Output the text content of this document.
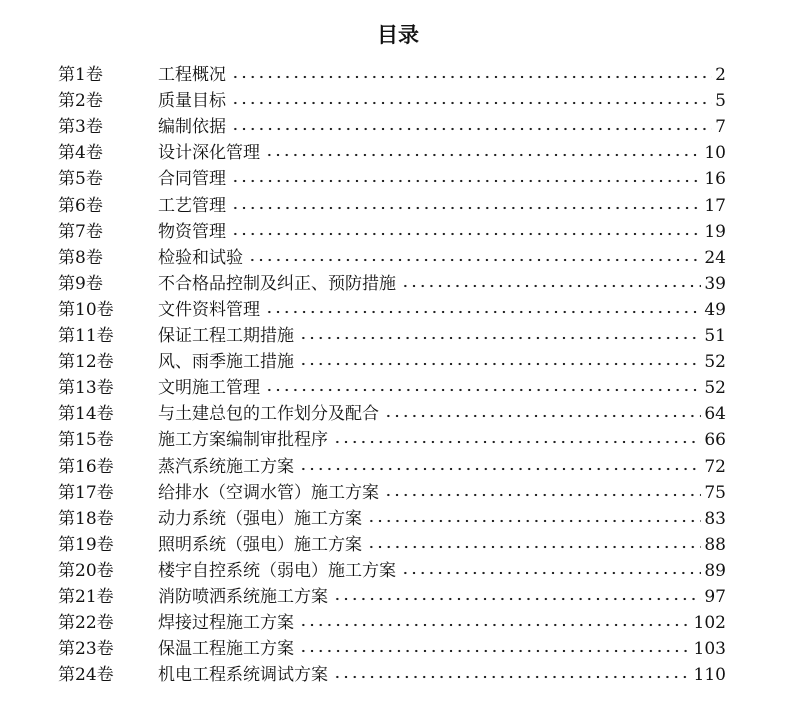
目录
第1卷	工程概况	2
第2卷	质量目标	5
第3卷	编制依据	7
第4卷	设计深化管理	10
第5卷	合同管理	16
第6卷	工艺管理	17
第7卷	物资管理	19
第8卷	检验和试验	24
第9卷	不合格品控制及纠正、预防措施	39
第10卷	文件资料管理	49
第11卷	保证工程工期措施	51
第12卷	风、雨季施工措施	52
第13卷	文明施工管理	52
第14卷	与土建总包的工作划分及配合	64
第15卷	施工方案编制审批程序	66
第16卷	蒸汽系统施工方案	72
第17卷	给排水（空调水管）施工方案	75
第18卷	动力系统（强电）施工方案	83
第19卷	照明系统（强电）施工方案	88
第20卷	楼宇自控系统（弱电）施工方案	89
第21卷	消防喷洒系统施工方案	97
第22卷	焊接过程施工方案	102
第23卷	保温工程施工方案	103
第24卷	机电工程系统调试方案	110
